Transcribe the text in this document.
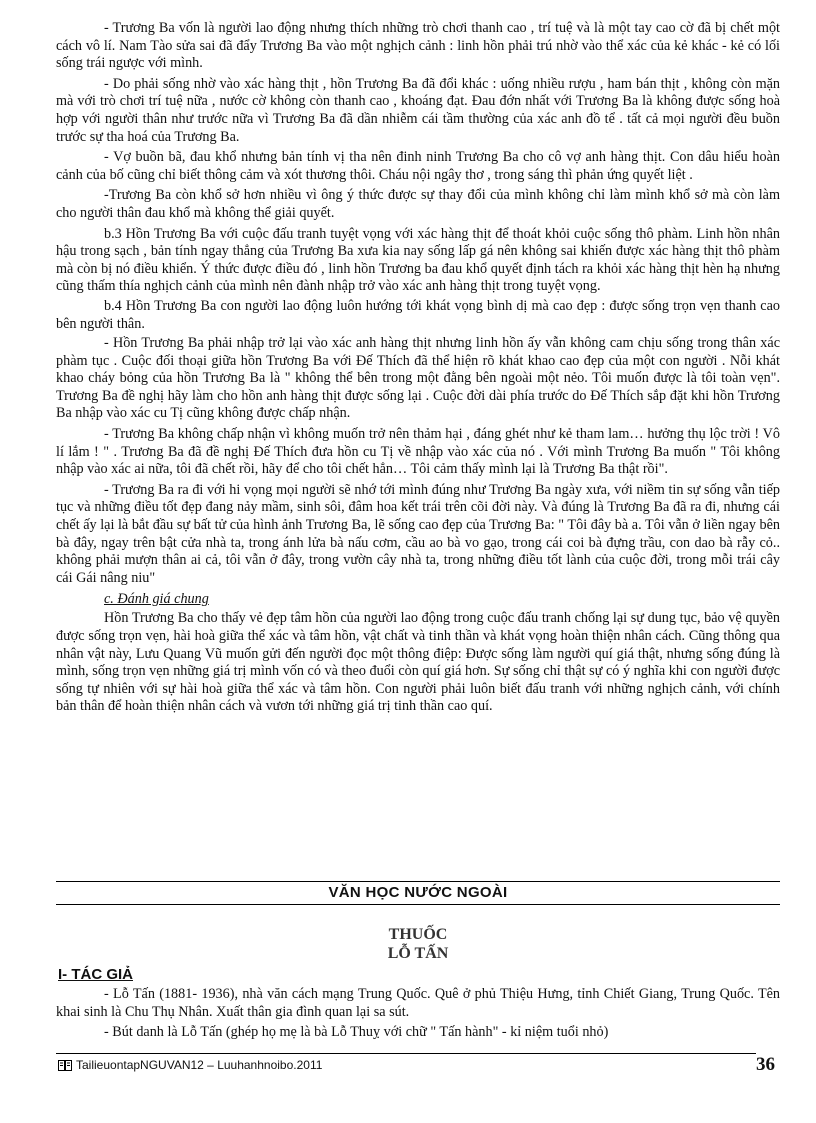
- Trương Ba vốn là người lao động nhưng thích những trò chơi thanh cao , trí tuệ và là một tay cao cờ đã bị chết một cách vô lí. Nam Tào sửa sai đã đẩy Trương Ba vào một nghịch cảnh : linh hồn phải trú nhờ vào thể xác của kẻ khác - kẻ có lối sống trái ngược với mình.

- Do phải sống nhờ vào xác hàng thịt , hồn Trương Ba đã đổi khác : uống nhiều rượu , ham bán thịt , không còn mặn mà với trò chơi trí tuệ nữa , nước cờ không còn thanh cao , khoáng đạt. Đau đớn nhất với Trương Ba là không được sống hoà hợp với người thân như trước nữa vì Trương Ba đã dần nhiễm cái tầm thường của xác anh đồ tể . tất cả mọi người đều buồn trước sự tha hoá của Trương Ba.

- Vợ buồn bã, đau khổ nhưng bản tính vị tha nên đinh ninh Trương Ba cho cô vợ anh hàng thịt. Con dâu hiểu hoàn cảnh của bố cũng chỉ biết thông cảm và xót thương thôi. Cháu nội ngây thơ , trong sáng thì phản ứng quyết liệt .

-Trương Ba còn khổ sở hơn nhiều vì ông ý thức được sự thay đổi của mình không chỉ làm mình khổ sở mà còn làm cho người thân đau khổ mà không thể giải quyết.

b.3 Hồn Trương Ba với cuộc đấu tranh tuyệt vọng với xác hàng thịt để thoát khỏi cuộc sống thô phàm. Linh hồn nhân hậu trong sạch , bản tính ngay thẳng của Trương Ba xưa kia nay sống lấp gá nên không sai khiến được xác hàng thịt thô phàm mà còn bị nó điều khiển. Ý thức được điều đó , linh hồn Trương ba đau khổ quyết định tách ra khỏi xác hàng thịt hèn hạ nhưng cũng thấm thía nghịch cảnh của mình nên đành nhập trở vào xác anh hàng thịt trong tuyệt vọng.

b.4 Hồn Trương Ba con người lao động luôn hướng tới khát vọng bình dị mà cao đẹp : được sống trọn vẹn thanh cao bên người thân.

- Hồn Trương Ba phải nhập trở lại vào xác anh hàng thịt nhưng linh hồn ấy vẫn không cam chịu sống trong thân xác phàm tục . Cuộc đối thoại giữa hồn Trương Ba với Đế Thích đã thể hiện rõ khát khao cao đẹp của một con người . Nỗi khát khao cháy bỏng của hồn Trương Ba là " không thể bên trong một đằng bên ngoài một nẻo. Tôi muốn được là tôi toàn vẹn". Trương Ba đề nghị hãy làm cho hồn anh hàng thịt được sống lại . Cuộc đời dài phía trước do Đế Thích sắp đặt khi hồn Trương Ba nhập vào xác cu Tị cũng không được chấp nhận.

- Trương Ba không chấp nhận vì không muốn trở nên thảm hại , đáng ghét như kẻ tham lam… hưởng thụ lộc trời ! Vô lí lắm ! " . Trương Ba đã đề nghị Đế Thích đưa hồn cu Tị về nhập vào xác của nó . Với mình Trương Ba muốn " Tôi không nhập vào xác ai nữa, tôi đã chết rồi, hãy để cho tôi chết hẳn… Tôi cảm thấy mình lại là Trương Ba thật rồi".

- Trương Ba ra đi với hi vọng mọi người sẽ nhớ tới mình đúng như Trương Ba ngày xưa, với niềm tin sự sống vẫn tiếp tục và những điều tốt đẹp đang nảy mầm, sinh sôi, đâm hoa kết trái trên cõi đời này. Và đúng là Trương Ba đã ra đi, nhưng cái chết ấy lại là bắt đầu sự bất tử của hình ảnh Trương Ba, lẽ sống cao đẹp của Trương Ba: " Tôi đây bà a. Tôi vẫn ở liền ngay bên bà đây, ngay trên bật cửa nhà ta, trong ánh lửa bà nấu cơm, cầu ao bà vo gạo, trong cái coi bà đựng trầu, con dao bà rẫy cỏ.. không phải mượn thân ai cả, tôi vẫn ở đây, trong vườn cây nhà ta, trong những điều tốt lành của cuộc đời, trong mỗi trái cây cái Gái nâng niu"

c. Đánh giá chung

Hồn Trương Ba cho thấy vẻ đẹp tâm hồn của người lao động trong cuộc đấu tranh chống lại sự dung tục, bảo vệ quyền được sống trọn vẹn, hài hoà giữa thể xác và tâm hồn, vật chất và tinh thần và khát vọng hoàn thiện nhân cách. Cũng thông qua nhân vật này, Lưu Quang Vũ muốn gửi đến người đọc một thông điệp: Được sống làm người quí giá thật, nhưng sống đúng là mình, sống trọn vẹn những giá trị mình vốn có và theo đuổi còn quí giá hơn. Sự sống chỉ thật sự có ý nghĩa khi con người được sống tự nhiên với sự hài hoà giữa thể xác và tâm hồn. Con người phải luôn biết đấu tranh với những nghịch cảnh, với chính bản thân để hoàn thiện nhân cách và vươn tới những giá trị tinh thần cao quí.

VĂN HỌC NƯỚC NGOÀI
THUỐC
LỖ TẤN
I- TÁC GIẢ

- Lỗ Tấn (1881- 1936), nhà văn cách mạng Trung Quốc. Quê ở phủ Thiệu Hưng, tỉnh Chiết Giang, Trung Quốc. Tên khai sinh là Chu Thụ Nhân. Xuất thân gia đình quan lại sa sút.

- Bút danh là Lỗ Tấn (ghép họ mẹ là bà Lỗ Thuỵ với chữ " Tấn hành" - kỉ niệm tuổi nhỏ)

TailieuontapNGUVAN12 – Luuhanhnoibo.2011	36
